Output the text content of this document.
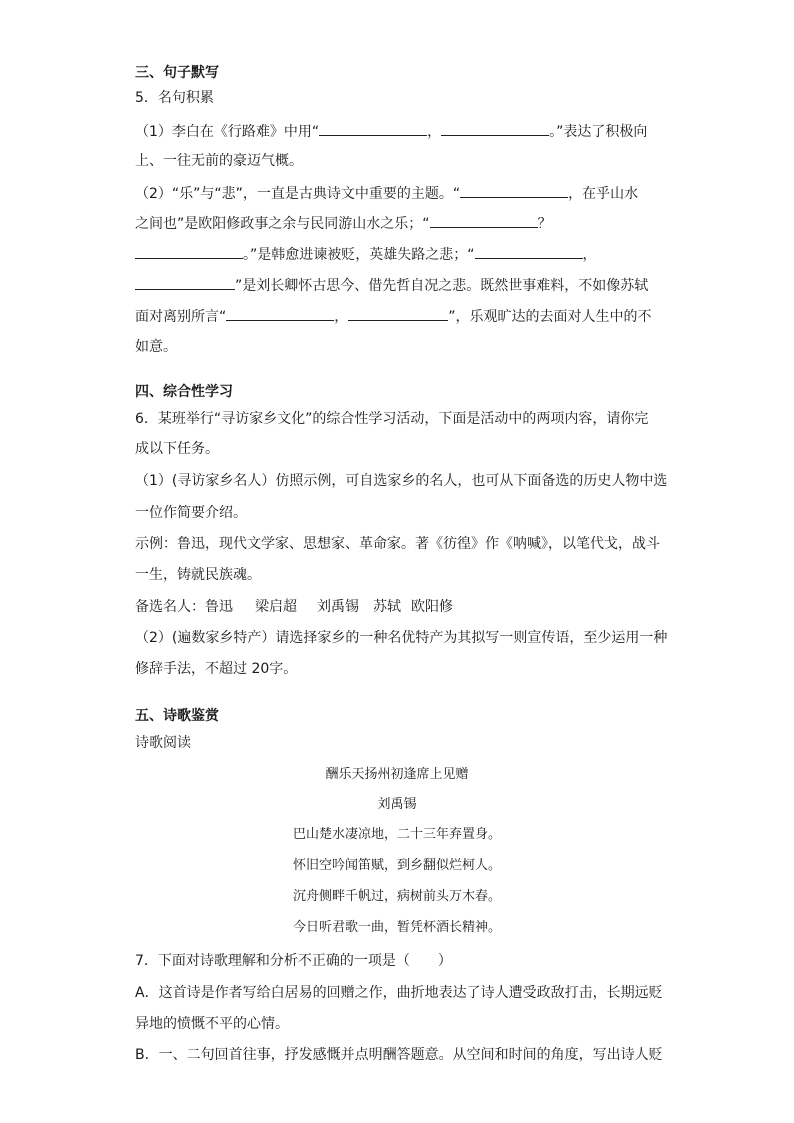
三、句子默写
5．名句积累
（1）李白在《行路难》中用“	，	。”表达了积极向
上、一往无前的豪迈气概。
（2）“乐”与“悲”，一直是古典诗文中重要的主题。“	，在乎山水
之间也”是欧阳修政事之余与民同游山水之乐；“	？
。”是韩愈进谏被贬，英雄失路之悲；“	，
”是刘长卿怀古思今、借先哲自况之悲。既然世事难料，不如像苏轼
面对离别所言“	，	”，乐观旷达的去面对人生中的不
如意。
四、综合性学习
6．某班举行“寻访家乡文化”的综合性学习活动，下面是活动中的两项内容，请你完
成以下任务。
（1）(寻访家乡名人）仿照示例，可自选家乡的名人，也可从下面备选的历史人物中选
一位作简要介绍。
示例：鲁迅，现代文学家、思想家、革命家。著《彷徨》作《呐喊》，以笔代戈，战斗
一生，铸就民族魂。
备选名人：鲁迅 梁启超 刘禹锡 苏轼 欧阳修
（2）(遍数家乡特产）请选择家乡的一种名优特产为其拟写一则宣传语，至少运用一种
修辞手法，不超过 20字。
五、诗歌鉴赏
诗歌阅读
酬乐天扬州初逢席上见赠
刘禹锡
巴山楚水凄凉地，二十三年弃置身。
怀旧空吟闻笛赋，到乡翻似烂柯人。
沉舟侧畔千帆过，病树前头万木春。
今日听君歌一曲，暂凭杯酒长精神。
7．下面对诗歌理解和分析不正确的一项是（　　）
A．这首诗是作者写给白居易的回赠之作，曲折地表达了诗人遭受政敌打击，长期远贬
异地的愤慨不平的心情。
B．一、二句回首往事，抒发感慨并点明酬答题意。从空间和时间的角度，写出诗人贬
